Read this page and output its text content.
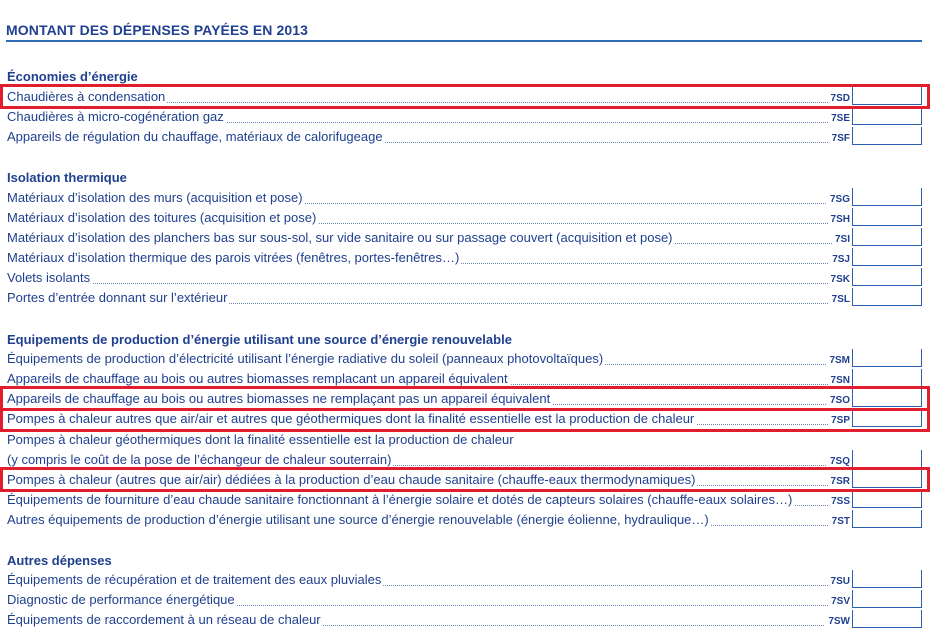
MONTANT DES DÉPENSES PAYÉES EN 2013
Économies d’énergie
Chaudières à condensation	7SD
Chaudières à micro-cogénération gaz	7SE
Appareils de régulation du chauffage, matériaux de calorifugeage	7SF
Isolation thermique
Matériaux d’isolation des murs (acquisition et pose)	7SG
Matériaux d’isolation des toitures (acquisition et pose)	7SH
Matériaux d’isolation des planchers bas sur sous-sol, sur vide sanitaire ou sur passage couvert (acquisition et pose)	7SI
Matériaux d’isolation thermique des parois vitrées (fenêtres, portes-fenêtres…)	7SJ
Volets isolants	7SK
Portes d’entrée donnant sur l’extérieur	7SL
Equipements de production d’énergie utilisant une source d’énergie renouvelable
Équipements de production d’électricité utilisant l’énergie radiative du soleil (panneaux photovoltaïques)	7SM
Appareils de chauffage au bois ou autres biomasses remplacant un appareil équivalent	7SN
Appareils de chauffage au bois ou autres biomasses ne remplaçant pas un appareil équivalent	7SO
Pompes à chaleur autres que air/air et autres que géothermiques dont la finalité essentielle est la production de chaleur	7SP
Pompes à chaleur géothermiques dont la finalité essentielle est la production de chaleur
(y compris le coût de la pose de l’échangeur de chaleur souterrain)	7SQ
Pompes à chaleur (autres que air/air) dédiées à la production d’eau chaude sanitaire (chauffe-eaux thermodynamiques)	7SR
Équipements de fourniture d’eau chaude sanitaire fonctionnant à l’énergie solaire et dotés de capteurs solaires (chauffe-eaux solaires…)	7SS
Autres équipements de production d’énergie utilisant une source d’énergie renouvelable (énergie éolienne, hydraulique…)	7ST
Autres dépenses
Équipements de récupération et de traitement des eaux pluviales	7SU
Diagnostic de performance énergétique	7SV
Équipements de raccordement à un réseau de chaleur	7SW
